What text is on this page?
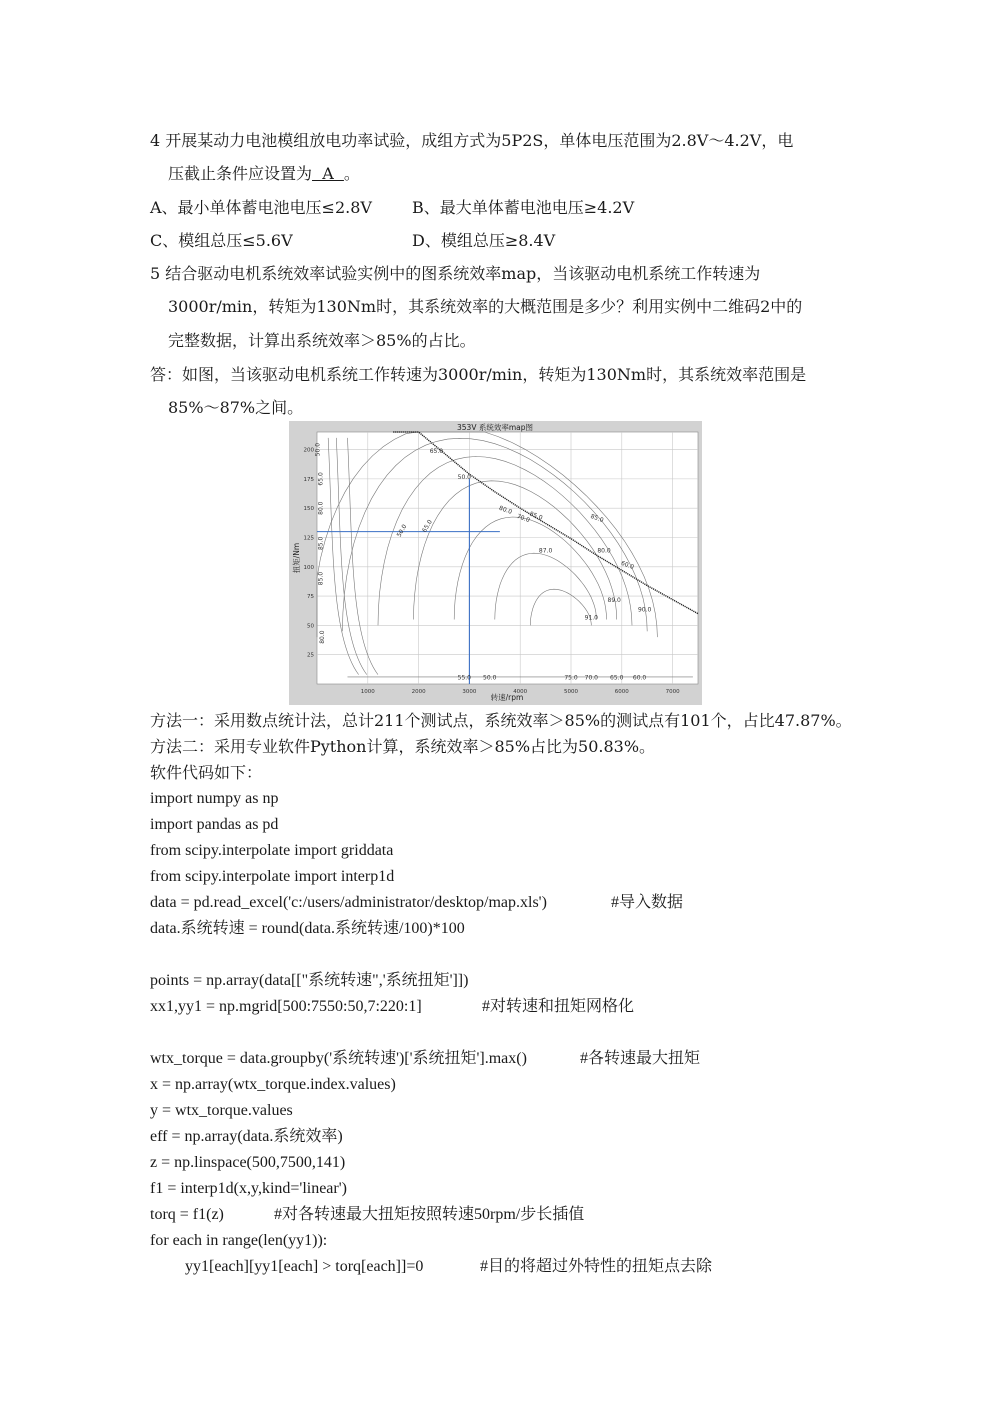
4 开展某动力电池模组放电功率试验，成组方式为5P2S，单体电压范围为2.8V～4.2V，电
压截止条件应设置为  A  。
A、最小单体蓄电池电压≤2.8V	B、最大单体蓄电池电压≥4.2V
C、模组总压≤5.6V	D、模组总压≥8.4V
5 结合驱动电机系统效率试验实例中的图系统效率map，当该驱动电机系统工作转速为
3000r/min，转矩为130Nm时，其系统效率的大概范围是多少？利用实例中二维码2中的
完整数据，计算出系统效率＞85%的占比。
答：如图，当该驱动电机系统工作转速为3000r/min，转矩为130Nm时，其系统效率范围是
85%～87%之间。
353V 系统效率map图
1000	2000	3000	4000	5000	6000	7000
200
175
150
125
100
75
50
25
50.0
65.0
80.0
85.0
85.0
80.0
65.0
50.0
80.0
85.0
87.0
89.0
90.0
91.0
80.0
85.0
70.0
60.0
55.0 50.0	75.0 70.0 65.0 60.0
50.0 65.0
转速/rpm
扭矩/Nm
方法一：采用数点统计法，总计211个测试点，系统效率＞85%的测试点有101个，占比47.87%。
方法二：采用专业软件Python计算，系统效率＞85%占比为50.83%。
软件代码如下：
import numpy as np
import pandas as pd
from scipy.interpolate import griddata
from scipy.interpolate import interp1d
data = pd.read_excel('c:/users/administrator/desktop/map.xls')	#导入数据
data.系统转速 = round(data.系统转速/100)*100
points = np.array(data[["系统转速",'系统扭矩']])
xx1,yy1 = np.mgrid[500:7550:50,7:220:1]	#对转速和扭矩网格化
wtx_torque = data.groupby('系统转速')['系统扭矩'].max()	#各转速最大扭矩
x = np.array(wtx_torque.index.values)
y = wtx_torque.values
eff = np.array(data.系统效率)
z = np.linspace(500,7500,141)
f1 = interp1d(x,y,kind='linear')
torq = f1(z)	#对各转速最大扭矩按照转速50rpm/步长插值
for each in range(len(yy1)):
yy1[each][yy1[each] > torq[each]]=0	#目的将超过外特性的扭矩点去除
